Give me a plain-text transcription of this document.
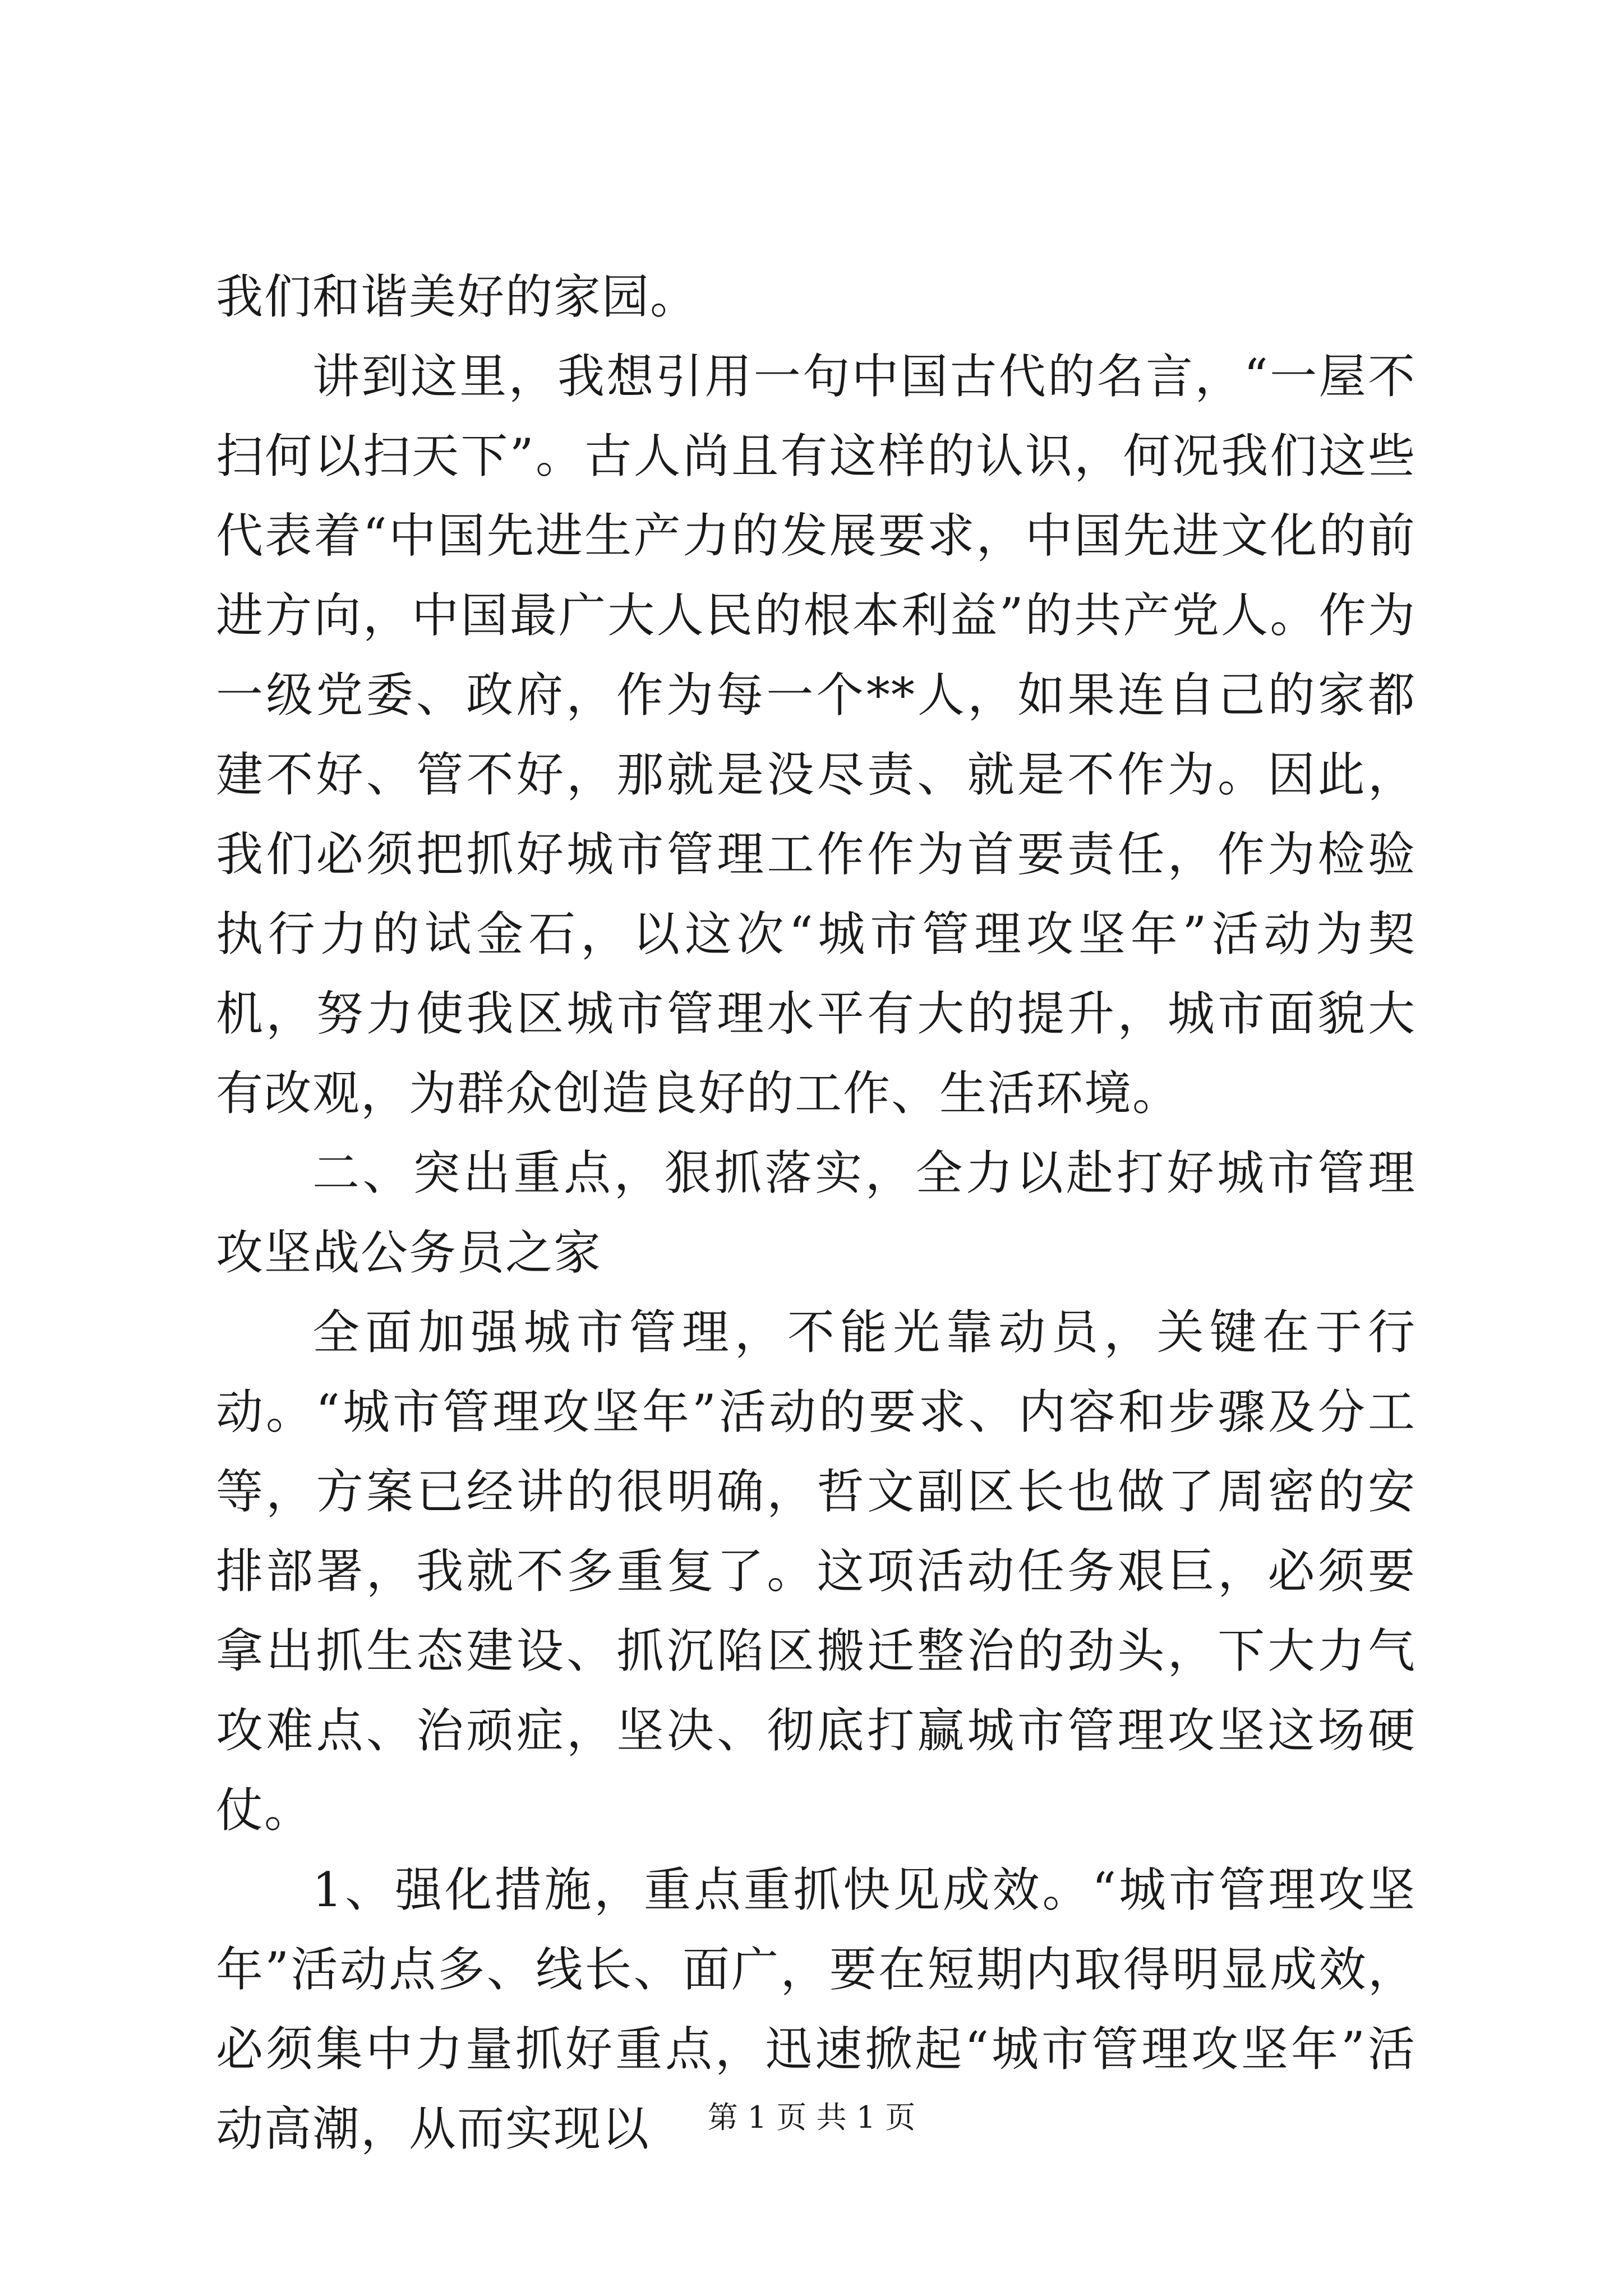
我们和谐美好的家园。

讲到这里，我想引用一句中国古代的名言，“一屋不扫何以扫天下”。古人尚且有这样的认识，何况我们这些代表着“中国先进生产力的发展要求，中国先进文化的前进方向，中国最广大人民的根本利益”的共产党人。作为一级党委、政府，作为每一个**人，如果连自己的家都建不好、管不好，那就是没尽责、就是不作为。因此，我们必须把抓好城市管理工作作为首要责任，作为检验执行力的试金石，以这次“城市管理攻坚年”活动为契机，努力使我区城市管理水平有大的提升，城市面貌大有改观，为群众创造良好的工作、生活环境。

二、突出重点，狠抓落实，全力以赴打好城市管理攻坚战公务员之家

全面加强城市管理，不能光靠动员，关键在于行动。“城市管理攻坚年”活动的要求、内容和步骤及分工等，方案已经讲的很明确，哲文副区长也做了周密的安排部署，我就不多重复了。这项活动任务艰巨，必须要拿出抓生态建设、抓沉陷区搬迁整治的劲头，下大力气攻难点、治顽症，坚决、彻底打赢城市管理攻坚这场硬仗。

1、强化措施，重点重抓快见成效。“城市管理攻坚年”活动点多、线长、面广，要在短期内取得明显成效，必须集中力量抓好重点，迅速掀起“城市管理攻坚年”活动高潮，从而实现以	第 1 页 共 1 页
